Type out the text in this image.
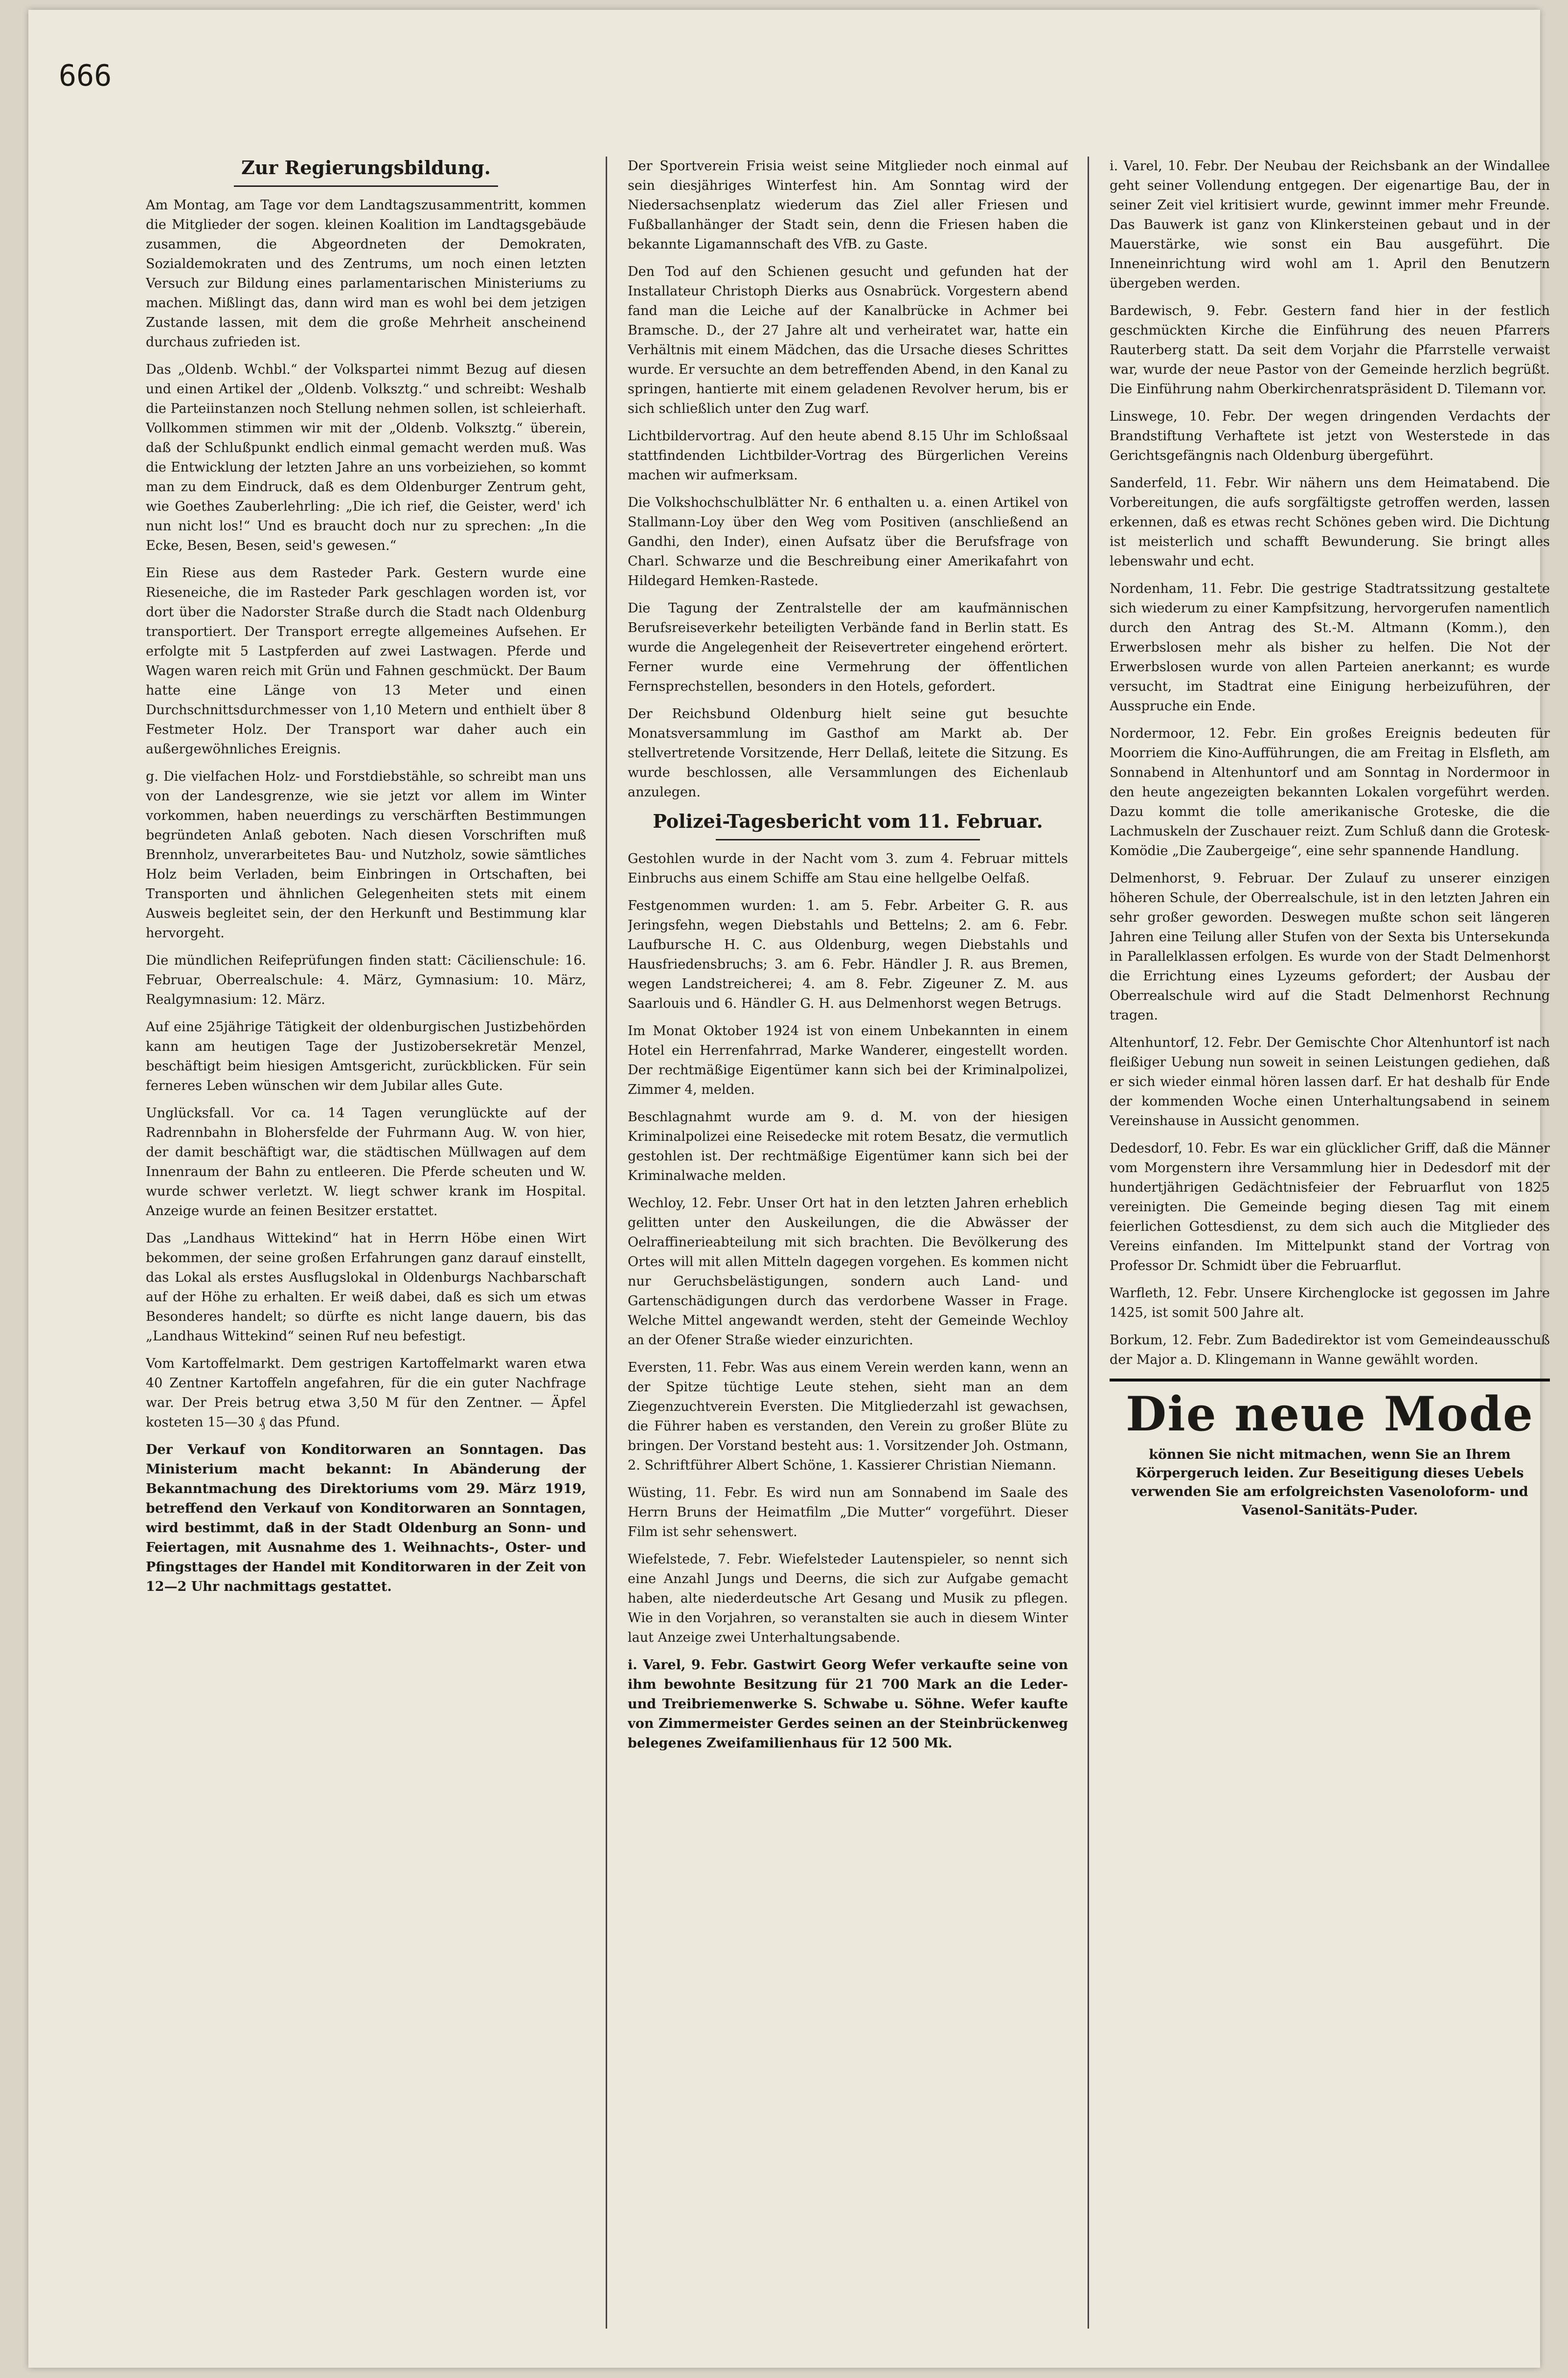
666
Zur Regierungsbildung.

Am Montag, am Tage vor dem Landtagszusammentritt, kommen die Mitglieder der sogen. kleinen Koalition im Landtagsgebäude zusammen, die Abgeordneten der Demokraten, Sozialdemokraten und des Zentrums, um noch einen letzten Versuch zur Bildung eines parlamentarischen Ministeriums zu machen. Mißlingt das, dann wird man es wohl bei dem jetzigen Zustande lassen, mit dem die große Mehrheit anscheinend durchaus zufrieden ist.

Das „Oldenb. Wchbl.“ der Volkspartei nimmt Bezug auf diesen und einen Artikel der „Oldenb. Volksztg.“ und schreibt: Weshalb die Parteiinstanzen noch Stellung nehmen sollen, ist schleierhaft. Vollkommen stimmen wir mit der „Oldenb. Volksztg.“ überein, daß der Schlußpunkt endlich einmal gemacht werden muß. Was die Entwicklung der letzten Jahre an uns vorbeiziehen, so kommt man zu dem Eindruck, daß es dem Oldenburger Zentrum geht, wie Goethes Zauberlehrling: „Die ich rief, die Geister, werd' ich nun nicht los!“ Und es braucht doch nur zu sprechen: „In die Ecke, Besen, Besen, seid's gewesen.“

Ein Riese aus dem Rasteder Park. Gestern wurde eine Rieseneiche, die im Rasteder Park geschlagen worden ist, vor dort über die Nadorster Straße durch die Stadt nach Oldenburg transportiert. Der Transport erregte allgemeines Aufsehen. Er erfolgte mit 5 Lastpferden auf zwei Lastwagen. Pferde und Wagen waren reich mit Grün und Fahnen geschmückt. Der Baum hatte eine Länge von 13 Meter und einen Durchschnittsdurchmesser von 1,10 Metern und enthielt über 8 Festmeter Holz. Der Transport war daher auch ein außergewöhnliches Ereignis.

g. Die vielfachen Holz- und Forstdiebstähle, so schreibt man uns von der Landesgrenze, wie sie jetzt vor allem im Winter vorkommen, haben neuerdings zu verschärften Bestimmungen begründeten Anlaß geboten. Nach diesen Vorschriften muß Brennholz, unverarbeitetes Bau- und Nutzholz, sowie sämtliches Holz beim Verladen, beim Einbringen in Ortschaften, bei Transporten und ähnlichen Gelegenheiten stets mit einem Ausweis begleitet sein, der den Herkunft und Bestimmung klar hervorgeht.

Die mündlichen Reifeprüfungen finden statt: Cäcilienschule: 16. Februar, Oberrealschule: 4. März, Gymnasium: 10. März, Realgymnasium: 12. März.

Auf eine 25jährige Tätigkeit der oldenburgischen Justizbehörden kann am heutigen Tage der Justizobersekretär Menzel, beschäftigt beim hiesigen Amtsgericht, zurückblicken. Für sein ferneres Leben wünschen wir dem Jubilar alles Gute.

Unglücksfall. Vor ca. 14 Tagen verunglückte auf der Radrennbahn in Blohersfelde der Fuhrmann Aug. W. von hier, der damit beschäftigt war, die städtischen Müllwagen auf dem Innenraum der Bahn zu entleeren. Die Pferde scheuten und W. wurde schwer verletzt. W. liegt schwer krank im Hospital. Anzeige wurde an feinen Besitzer erstattet.

Das „Landhaus Wittekind“ hat in Herrn Höbe einen Wirt bekommen, der seine großen Erfahrungen ganz darauf einstellt, das Lokal als erstes Ausflugslokal in Oldenburgs Nachbarschaft auf der Höhe zu erhalten. Er weiß dabei, daß es sich um etwas Besonderes handelt; so dürfte es nicht lange dauern, bis das „Landhaus Wittekind“ seinen Ruf neu befestigt.

Vom Kartoffelmarkt. Dem gestrigen Kartoffelmarkt waren etwa 40 Zentner Kartoffeln angefahren, für die ein guter Nachfrage war. Der Preis betrug etwa 3,50 M für den Zentner. — Äpfel kosteten 15—30 ₰ das Pfund.

Der Verkauf von Konditorwaren an Sonntagen. Das Ministerium macht bekannt: In Abänderung der Bekanntmachung des Direktoriums vom 29. März 1919, betreffend den Verkauf von Konditorwaren an Sonntagen, wird bestimmt, daß in der Stadt Oldenburg an Sonn- und Feiertagen, mit Ausnahme des 1. Weihnachts-, Oster- und Pfingsttages der Handel mit Konditorwaren in der Zeit von 12—2 Uhr nachmittags gestattet.

Der Sportverein Frisia weist seine Mitglieder noch einmal auf sein diesjähriges Winterfest hin. Am Sonntag wird der Niedersachsenplatz wiederum das Ziel aller Friesen und Fußballanhänger der Stadt sein, denn die Friesen haben die bekannte Ligamannschaft des VfB. zu Gaste.

Den Tod auf den Schienen gesucht und gefunden hat der Installateur Christoph Dierks aus Osnabrück. Vorgestern abend fand man die Leiche auf der Kanalbrücke in Achmer bei Bramsche. D., der 27 Jahre alt und verheiratet war, hatte ein Verhältnis mit einem Mädchen, das die Ursache dieses Schrittes wurde. Er versuchte an dem betreffenden Abend, in den Kanal zu springen, hantierte mit einem geladenen Revolver herum, bis er sich schließlich unter den Zug warf.

Lichtbildervortrag. Auf den heute abend 8.15 Uhr im Schloßsaal stattfindenden Lichtbilder-Vortrag des Bürgerlichen Vereins machen wir aufmerksam.

Die Volkshochschulblätter Nr. 6 enthalten u. a. einen Artikel von Stallmann-Loy über den Weg vom Positiven (anschließend an Gandhi, den Inder), einen Aufsatz über die Berufsfrage von Charl. Schwarze und die Beschreibung einer Amerikafahrt von Hildegard Hemken-Rastede.

Die Tagung der Zentralstelle der am kaufmännischen Berufsreiseverkehr beteiligten Verbände fand in Berlin statt. Es wurde die Angelegenheit der Reisevertreter eingehend erörtert. Ferner wurde eine Vermehrung der öffentlichen Fernsprechstellen, besonders in den Hotels, gefordert.

Der Reichsbund Oldenburg hielt seine gut besuchte Monatsversammlung im Gasthof am Markt ab. Der stellvertretende Vorsitzende, Herr Dellaß, leitete die Sitzung. Es wurde beschlossen, alle Versammlungen des Eichenlaub anzulegen.

Polizei-Tagesbericht vom 11. Februar.

Gestohlen wurde in der Nacht vom 3. zum 4. Februar mittels Einbruchs aus einem Schiffe am Stau eine hellgelbe Oelfaß.

Festgenommen wurden: 1. am 5. Febr. Arbeiter G. R. aus Jeringsfehn, wegen Diebstahls und Bettelns; 2. am 6. Febr. Laufbursche H. C. aus Oldenburg, wegen Diebstahls und Hausfriedensbruchs; 3. am 6. Febr. Händler J. R. aus Bremen, wegen Landstreicherei; 4. am 8. Febr. Zigeuner Z. M. aus Saarlouis und 6. Händler G. H. aus Delmenhorst wegen Betrugs.

Im Monat Oktober 1924 ist von einem Unbekannten in einem Hotel ein Herrenfahrrad, Marke Wanderer, eingestellt worden. Der rechtmäßige Eigentümer kann sich bei der Kriminalpolizei, Zimmer 4, melden.

Beschlagnahmt wurde am 9. d. M. von der hiesigen Kriminalpolizei eine Reisedecke mit rotem Besatz, die vermutlich gestohlen ist. Der rechtmäßige Eigentümer kann sich bei der Kriminalwache melden.

Wechloy, 12. Febr. Unser Ort hat in den letzten Jahren erheblich gelitten unter den Auskeilungen, die die Abwässer der Oelraffinerieabteilung mit sich brachten. Die Bevölkerung des Ortes will mit allen Mitteln dagegen vorgehen. Es kommen nicht nur Geruchsbelästigungen, sondern auch Land- und Gartenschädigungen durch das verdorbene Wasser in Frage. Welche Mittel angewandt werden, steht der Gemeinde Wechloy an der Ofener Straße wieder einzurichten.

Eversten, 11. Febr. Was aus einem Verein werden kann, wenn an der Spitze tüchtige Leute stehen, sieht man an dem Ziegenzuchtverein Eversten. Die Mitgliederzahl ist gewachsen, die Führer haben es verstanden, den Verein zu großer Blüte zu bringen. Der Vorstand besteht aus: 1. Vorsitzender Joh. Ostmann, 2. Schriftführer Albert Schöne, 1. Kassierer Christian Niemann.

Wüsting, 11. Febr. Es wird nun am Sonnabend im Saale des Herrn Bruns der Heimatfilm „Die Mutter“ vorgeführt. Dieser Film ist sehr sehenswert.

Wiefelstede, 7. Febr. Wiefelsteder Lautenspieler, so nennt sich eine Anzahl Jungs und Deerns, die sich zur Aufgabe gemacht haben, alte niederdeutsche Art Gesang und Musik zu pflegen. Wie in den Vorjahren, so veranstalten sie auch in diesem Winter laut Anzeige zwei Unterhaltungsabende.

i. Varel, 9. Febr. Gastwirt Georg Wefer verkaufte seine von ihm bewohnte Besitzung für 21 700 Mark an die Leder- und Treibriemenwerke S. Schwabe u. Söhne. Wefer kaufte von Zimmermeister Gerdes seinen an der Steinbrückenweg belegenes Zweifamilienhaus für 12 500 Mk.

i. Varel, 10. Febr. Der Neubau der Reichsbank an der Windallee geht seiner Vollendung entgegen. Der eigenartige Bau, der in seiner Zeit viel kritisiert wurde, gewinnt immer mehr Freunde. Das Bauwerk ist ganz von Klinkersteinen gebaut und in der Mauerstärke, wie sonst ein Bau ausgeführt. Die Inneneinrichtung wird wohl am 1. April den Benutzern übergeben werden.

Bardewisch, 9. Febr. Gestern fand hier in der festlich geschmückten Kirche die Einführung des neuen Pfarrers Rauterberg statt. Da seit dem Vorjahr die Pfarrstelle verwaist war, wurde der neue Pastor von der Gemeinde herzlich begrüßt. Die Einführung nahm Oberkirchenratspräsident D. Tilemann vor.

Linswege, 10. Febr. Der wegen dringenden Verdachts der Brandstiftung Verhaftete ist jetzt von Westerstede in das Gerichtsgefängnis nach Oldenburg übergeführt.

Sanderfeld, 11. Febr. Wir nähern uns dem Heimatabend. Die Vorbereitungen, die aufs sorgfältigste getroffen werden, lassen erkennen, daß es etwas recht Schönes geben wird. Die Dichtung ist meisterlich und schafft Bewunderung. Sie bringt alles lebenswahr und echt.

Nordenham, 11. Febr. Die gestrige Stadtratssitzung gestaltete sich wiederum zu einer Kampfsitzung, hervorgerufen namentlich durch den Antrag des St.-M. Altmann (Komm.), den Erwerbslosen mehr als bisher zu helfen. Die Not der Erwerbslosen wurde von allen Parteien anerkannt; es wurde versucht, im Stadtrat eine Einigung herbeizuführen, der Ausspruche ein Ende.

Nordermoor, 12. Febr. Ein großes Ereignis bedeuten für Moorriem die Kino-Aufführungen, die am Freitag in Elsfleth, am Sonnabend in Altenhuntorf und am Sonntag in Nordermoor in den heute angezeigten bekannten Lokalen vorgeführt werden. Dazu kommt die tolle amerikanische Groteske, die die Lachmuskeln der Zuschauer reizt. Zum Schluß dann die Grotesk-Komödie „Die Zaubergeige“, eine sehr spannende Handlung.

Delmenhorst, 9. Februar. Der Zulauf zu unserer einzigen höheren Schule, der Oberrealschule, ist in den letzten Jahren ein sehr großer geworden. Deswegen mußte schon seit längeren Jahren eine Teilung aller Stufen von der Sexta bis Untersekunda in Parallelklassen erfolgen. Es wurde von der Stadt Delmenhorst die Errichtung eines Lyzeums gefordert; der Ausbau der Oberrealschule wird auf die Stadt Delmenhorst Rechnung tragen.

Altenhuntorf, 12. Febr. Der Gemischte Chor Altenhuntorf ist nach fleißiger Uebung nun soweit in seinen Leistungen gediehen, daß er sich wieder einmal hören lassen darf. Er hat deshalb für Ende der kommenden Woche einen Unterhaltungsabend in seinem Vereinshause in Aussicht genommen.

Dedesdorf, 10. Febr. Es war ein glücklicher Griff, daß die Männer vom Morgenstern ihre Versammlung hier in Dedesdorf mit der hundertjährigen Gedächtnisfeier der Februarflut von 1825 vereinigten. Die Gemeinde beging diesen Tag mit einem feierlichen Gottesdienst, zu dem sich auch die Mitglieder des Vereins einfanden. Im Mittelpunkt stand der Vortrag von Professor Dr. Schmidt über die Februarflut.

Warfleth, 12. Febr. Unsere Kirchenglocke ist gegossen im Jahre 1425, ist somit 500 Jahre alt.

Borkum, 12. Febr. Zum Badedirektor ist vom Gemeindeausschuß der Major a. D. Klingemann in Wanne gewählt worden.

Die neue Mode

können Sie nicht mitmachen, wenn Sie an Ihrem Körpergeruch leiden. Zur Beseitigung dieses Uebels verwenden Sie am erfolgreichsten Vasenoloform- und Vasenol-Sanitäts-Puder.
